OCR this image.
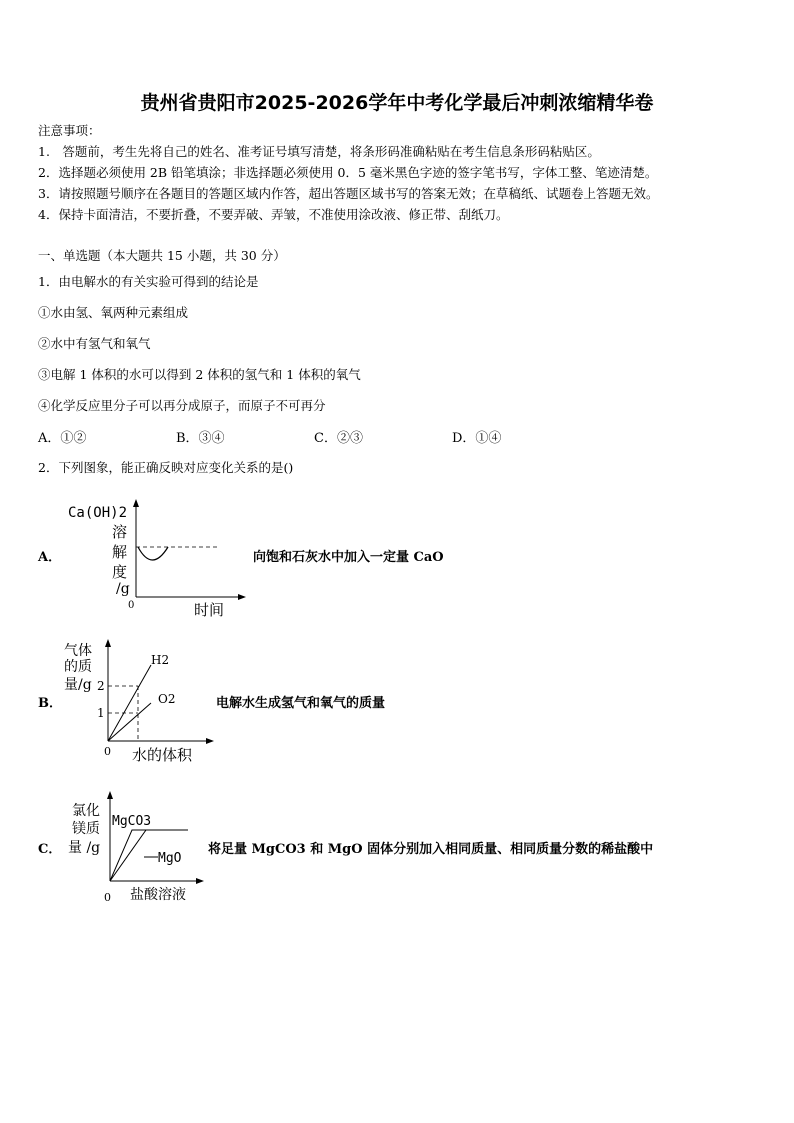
贵州省贵阳市2025-2026学年中考化学最后冲刺浓缩精华卷
注意事项：
1.　答题前，考生先将自己的姓名、准考证号填写清楚，将条形码准确粘贴在考生信息条形码粘贴区。
2．选择题必须使用 2B 铅笔填涂；非选择题必须使用 0．5 毫米黑色字迹的签字笔书写，字体工整、笔迹清楚。
3．请按照题号顺序在各题目的答题区域内作答，超出答题区域书写的答案无效；在草稿纸、试题卷上答题无效。
4．保持卡面清洁，不要折叠，不要弄破、弄皱，不准使用涂改液、修正带、刮纸刀。
一、单选题（本大题共 15 小题，共 30 分）
1．由电解水的有关实验可得到的结论是
①水由氢、氧两种元素组成
②水中有氢气和氧气
③电解 1 体积的水可以得到 2 体积的氢气和 1 体积的氧气
④化学反应里分子可以再分成原子，而原子不可再分
A．①②	B．③④	C．②③	D．①④
2．下列图象，能正确反映对应变化关系的是()
A．
Ca(OH)2
溶
解
度
/g
0	时间
向饱和石灰水中加入一定量 CaO
B．
气体
的质
量/g 2
1
H2
O2
0 水的体积
电解水生成氢气和氧气的质量
C．
氯化
镁质
量 /g
MgCO3
MgO
0 盐酸溶液
将足量 MgCO3 和 MgO 固体分别加入相同质量、相同质量分数的稀盐酸中
